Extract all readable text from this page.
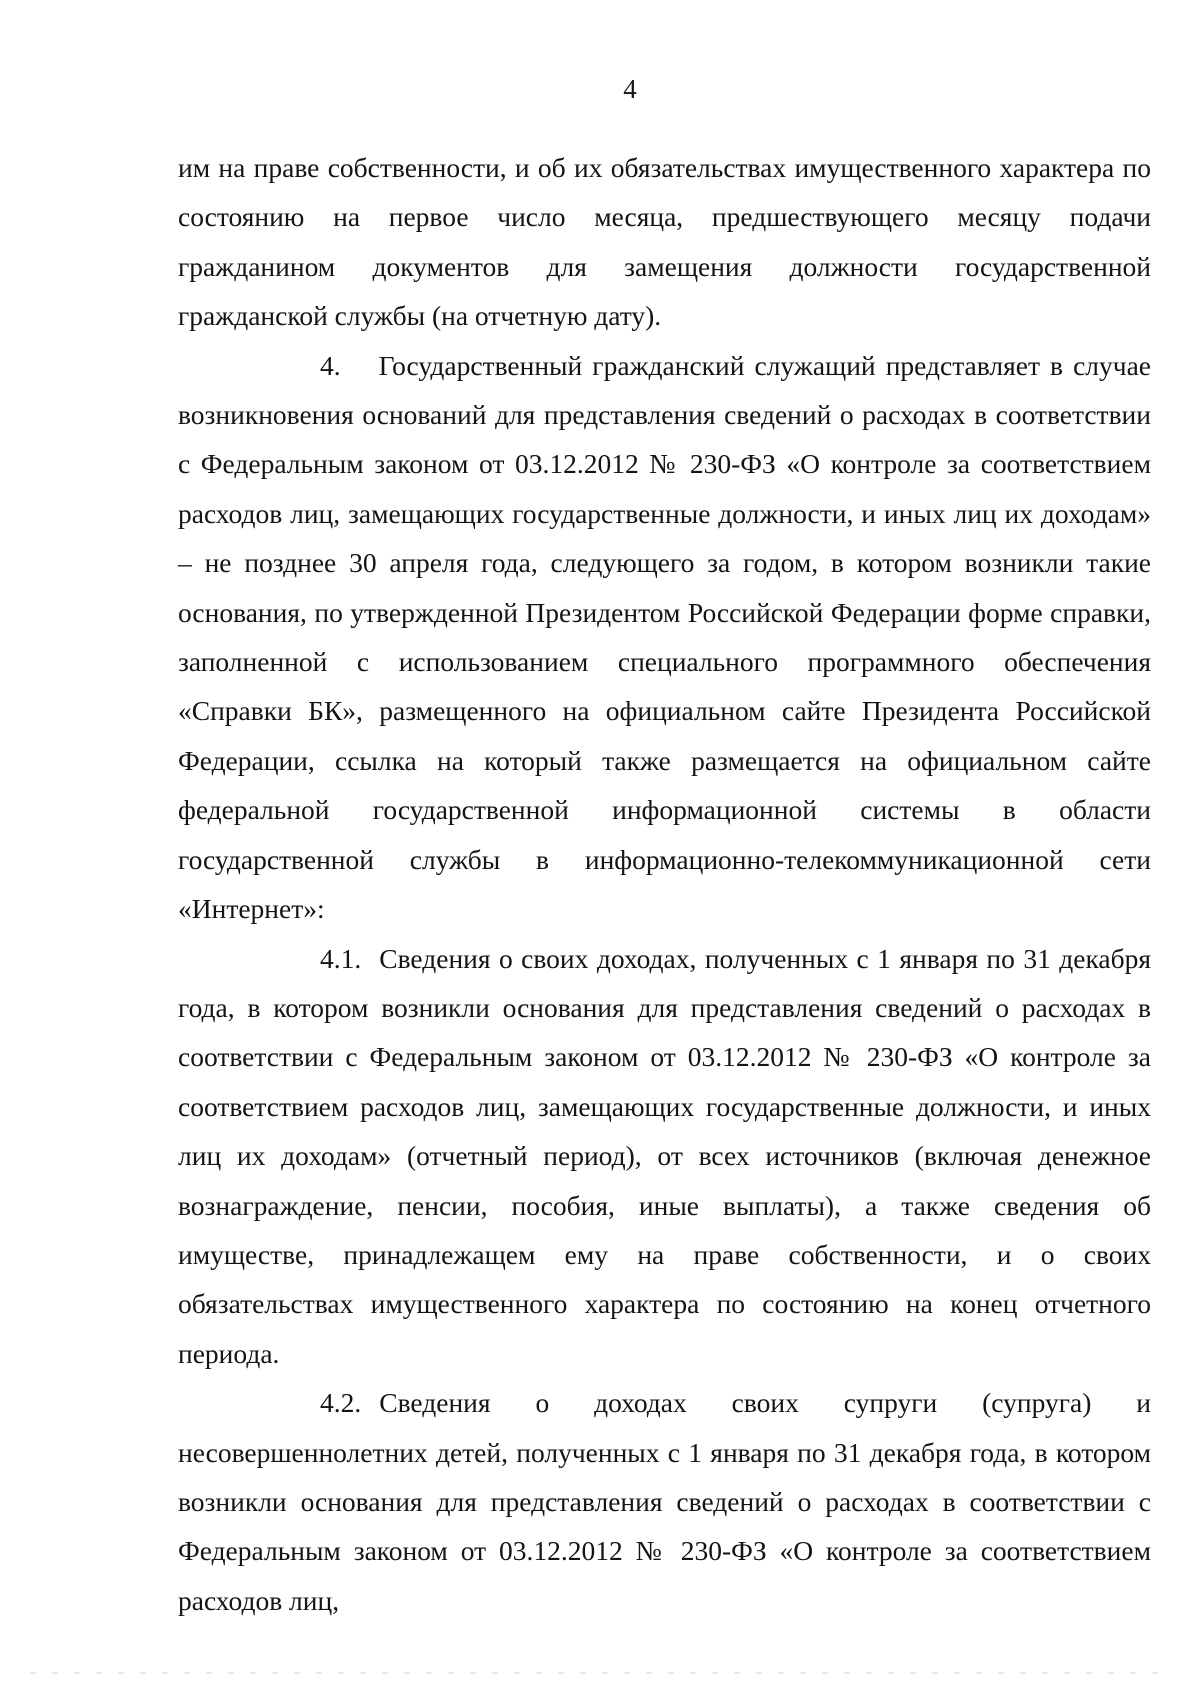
4

им на праве собственности, и об их обязательствах имущественного характера по состоянию на первое число месяца, предшествующего месяцу подачи гражданином документов для замещения должности государственной гражданской службы (на отчетную дату).

4. Государственный гражданский служащий представляет в случае возникновения оснований для представления сведений о расходах в соответствии с Федеральным законом от 03.12.2012 № 230-ФЗ «О контроле за соответствием расходов лиц, замещающих государственные должности, и иных лиц их доходам» – не позднее 30 апреля года, следующего за годом, в котором возникли такие основания, по утвержденной Президентом Российской Федерации форме справки, заполненной с использованием специального программного обеспечения «Справки БК», размещенного на официальном сайте Президента Российской Федерации, ссылка на который также размещается на официальном сайте федеральной государственной информационной системы в области государственной службы в информационно-телекоммуникационной сети «Интернет»:

4.1. Сведения о своих доходах, полученных с 1 января по 31 декабря года, в котором возникли основания для представления сведений о расходах в соответствии с Федеральным законом от 03.12.2012 № 230-ФЗ «О контроле за соответствием расходов лиц, замещающих государственные должности, и иных лиц их доходам» (отчетный период), от всех источников (включая денежное вознаграждение, пенсии, пособия, иные выплаты), а также сведения об имуществе, принадлежащем ему на праве собственности, и о своих обязательствах имущественного характера по состоянию на конец отчетного периода.

4.2. Сведения о доходах своих супруги (супруга) и несовершеннолетних детей, полученных с 1 января по 31 декабря года, в котором возникли основания для представления сведений о расходах в соответствии с Федеральным законом от 03.12.2012 № 230-ФЗ «О контроле за соответствием расходов лиц,
